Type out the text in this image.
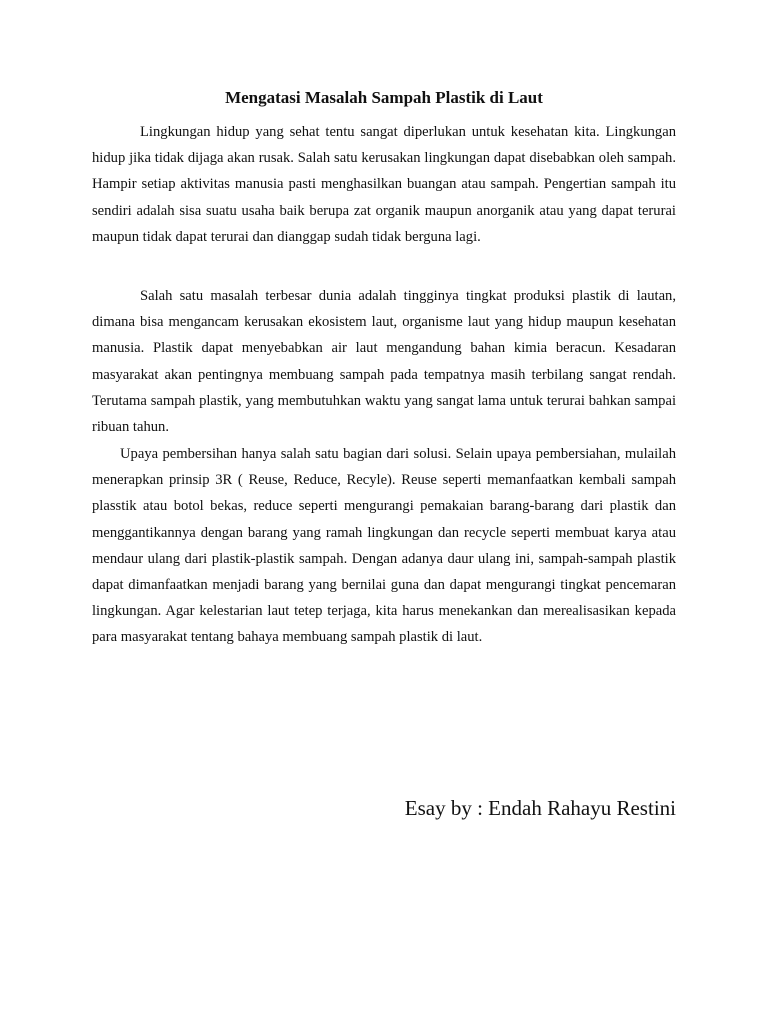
Mengatasi Masalah Sampah Plastik di Laut

Lingkungan hidup yang sehat tentu sangat diperlukan untuk kesehatan kita. Lingkungan hidup jika tidak dijaga akan rusak. Salah satu kerusakan lingkungan dapat disebabkan oleh sampah. Hampir setiap aktivitas manusia pasti menghasilkan buangan atau sampah. Pengertian sampah itu sendiri adalah sisa suatu usaha baik berupa zat organik maupun anorganik atau yang dapat terurai maupun tidak dapat terurai dan dianggap sudah tidak berguna lagi.

Salah satu masalah terbesar dunia adalah tingginya tingkat produksi plastik di lautan, dimana bisa mengancam kerusakan ekosistem laut, organisme laut yang hidup maupun kesehatan manusia. Plastik dapat menyebabkan air laut mengandung bahan kimia beracun. Kesadaran masyarakat akan pentingnya membuang sampah pada tempatnya masih terbilang sangat rendah. Terutama sampah plastik, yang membutuhkan waktu yang sangat lama untuk terurai bahkan sampai ribuan tahun.

Upaya pembersihan hanya salah satu bagian dari solusi. Selain upaya pembersiahan, mulailah menerapkan prinsip 3R ( Reuse, Reduce, Recyle). Reuse seperti memanfaatkan kembali sampah plasstik atau botol bekas, reduce seperti mengurangi pemakaian barang-barang dari plastik dan menggantikannya dengan barang yang ramah lingkungan dan recycle seperti membuat karya atau mendaur ulang dari plastik-plastik sampah. Dengan adanya daur ulang ini, sampah-sampah plastik dapat dimanfaatkan menjadi barang yang bernilai guna dan dapat mengurangi tingkat pencemaran lingkungan. Agar kelestarian laut tetep terjaga, kita harus menekankan dan merealisasikan kepada para masyarakat tentang bahaya membuang sampah plastik di laut.

Esay by : Endah Rahayu Restini
